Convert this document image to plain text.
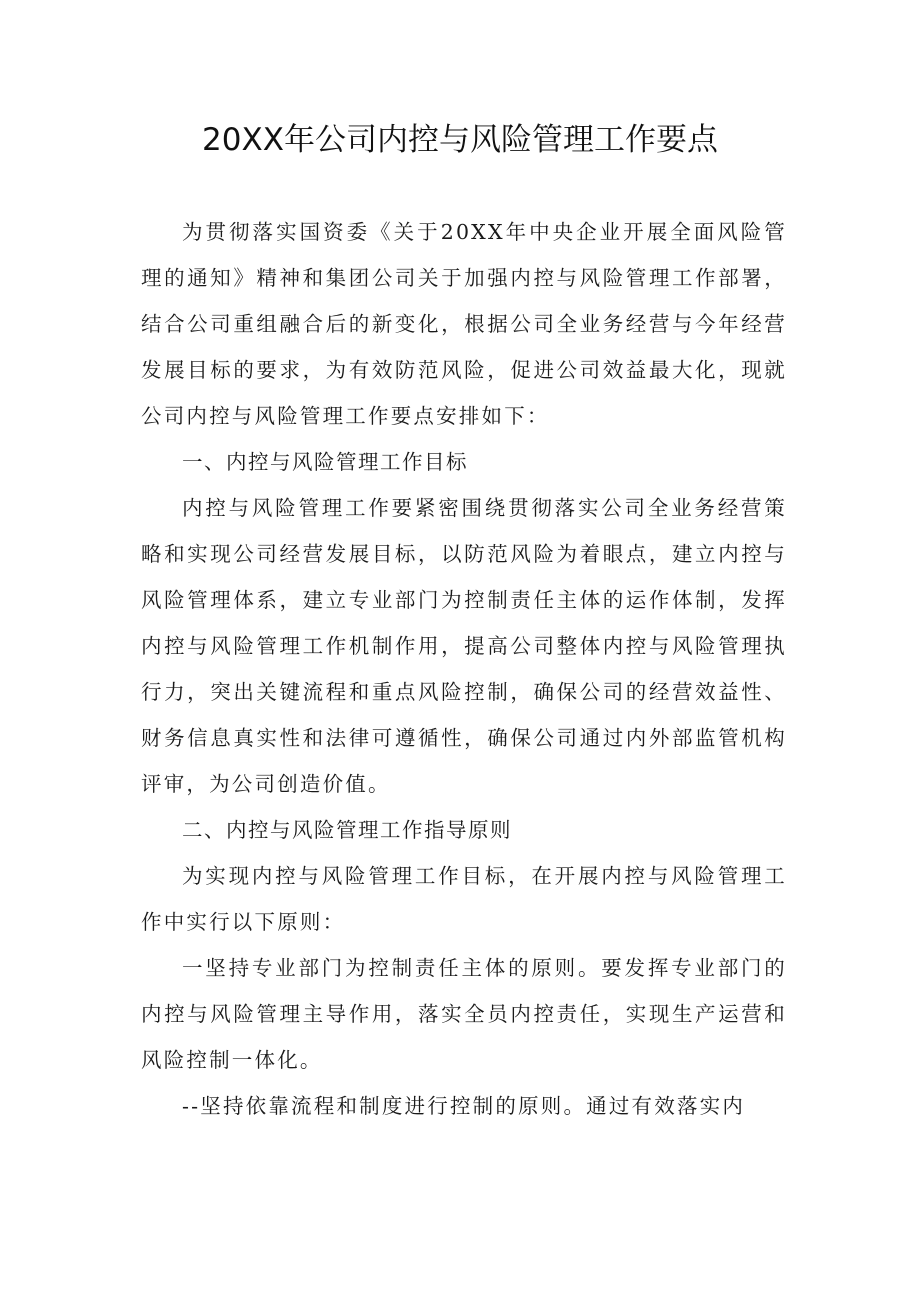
20XX年公司内控与风险管理工作要点

为贯彻落实国资委《关于20XX年中央企业开展全面风险管理的通知》精神和集团公司关于加强内控与风险管理工作部署，结合公司重组融合后的新变化，根据公司全业务经营与今年经营发展目标的要求，为有效防范风险，促进公司效益最大化，现就公司内控与风险管理工作要点安排如下：

一、内控与风险管理工作目标

内控与风险管理工作要紧密围绕贯彻落实公司全业务经营策略和实现公司经营发展目标，以防范风险为着眼点，建立内控与风险管理体系，建立专业部门为控制责任主体的运作体制，发挥内控与风险管理工作机制作用，提高公司整体内控与风险管理执行力，突出关键流程和重点风险控制，确保公司的经营效益性、财务信息真实性和法律可遵循性，确保公司通过内外部监管机构评审，为公司创造价值。

二、内控与风险管理工作指导原则

为实现内控与风险管理工作目标，在开展内控与风险管理工作中实行以下原则：

一坚持专业部门为控制责任主体的原则。要发挥专业部门的内控与风险管理主导作用，落实全员内控责任，实现生产运营和风险控制一体化。

--坚持依靠流程和制度进行控制的原则。通过有效落实内
